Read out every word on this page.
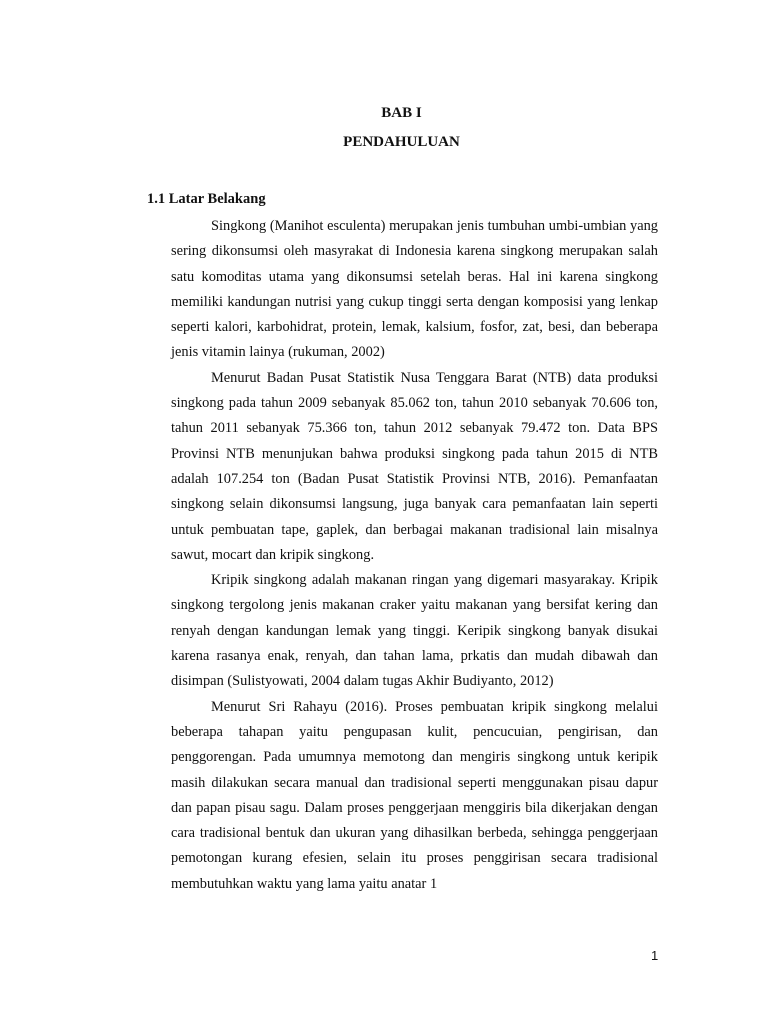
BAB I
PENDAHULUAN
1.1 Latar Belakang

Singkong (Manihot esculenta) merupakan jenis tumbuhan umbi-umbian yang sering dikonsumsi oleh masyrakat di Indonesia karena singkong merupakan salah satu komoditas utama yang dikonsumsi setelah beras. Hal ini karena singkong memiliki kandungan nutrisi yang cukup tinggi serta dengan komposisi yang lenkap seperti kalori, karbohidrat, protein, lemak, kalsium, fosfor, zat, besi, dan beberapa jenis vitamin lainya (rukuman, 2002)

Menurut Badan Pusat Statistik Nusa Tenggara Barat (NTB) data produksi singkong pada tahun 2009 sebanyak 85.062 ton, tahun 2010 sebanyak 70.606 ton, tahun 2011 sebanyak 75.366 ton, tahun 2012 sebanyak 79.472 ton. Data BPS Provinsi NTB menunjukan bahwa produksi singkong pada tahun 2015 di NTB adalah 107.254 ton (Badan Pusat Statistik Provinsi NTB, 2016). Pemanfaatan singkong selain dikonsumsi langsung, juga banyak cara pemanfaatan lain seperti untuk pembuatan tape, gaplek, dan berbagai makanan tradisional lain misalnya sawut, mocart dan kripik singkong.

Kripik singkong adalah makanan ringan yang digemari masyarakay. Kripik singkong tergolong jenis makanan craker yaitu makanan yang bersifat kering dan renyah dengan kandungan lemak yang tinggi. Keripik singkong banyak disukai karena rasanya enak, renyah, dan tahan lama, prkatis dan mudah dibawah dan disimpan (Sulistyowati, 2004 dalam tugas Akhir Budiyanto, 2012)

Menurut Sri Rahayu (2016). Proses pembuatan kripik singkong melalui beberapa tahapan yaitu pengupasan kulit, pencucuian, pengirisan, dan penggorengan. Pada umumnya memotong dan mengiris singkong untuk keripik masih dilakukan secara manual dan tradisional seperti menggunakan pisau dapur dan papan pisau sagu. Dalam proses penggerjaan menggiris bila dikerjakan dengan cara tradisional bentuk dan ukuran yang dihasilkan berbeda, sehingga penggerjaan pemotongan kurang efesien, selain itu proses penggirisan secara tradisional membutuhkan waktu yang lama yaitu anatar 1

1
